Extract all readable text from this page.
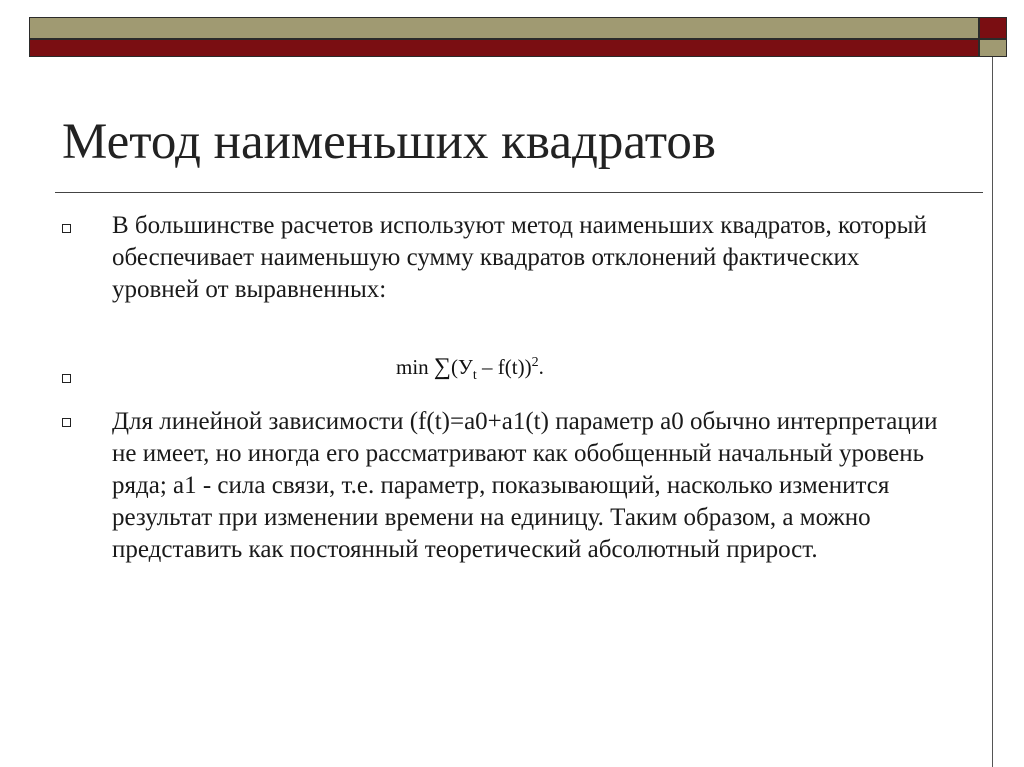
Метод наименьших квадратов
В большинстве расчетов используют метод наименьших квадратов, который обеспечивает наименьшую сумму квадратов отклонений фактических уровней от выравненных:
Для линейной зависимости (f(t)=a0+a1(t) параметр a0 обычно интерпретации не имеет, но иногда его рассматривают как обобщенный начальный уровень ряда; a1 - сила связи, т.е. параметр, показывающий, насколько изменится результат при изменении времени на единицу. Таким образом, а можно представить как постоянный теоретический абсолютный прирост.
$\min \sum(У_t - f(t))^2$.
